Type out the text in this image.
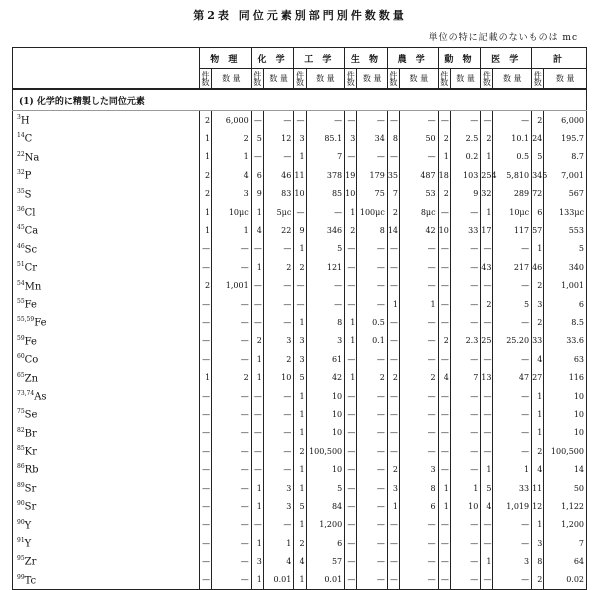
第2表 同位元素別部門別件数数量
単位の特に記載のないものは mc
	物 理		化 学		工 学		生 物		農 学		動 物		医 学		計	
	件数	数 量	件数	数 量	件数	数 量	件数	数 量	件数	数 量	件数	数 量	件数	数 量	件数	数 量
(1) 化学的に精製した同位元素																
$^3$H	2	6,000	—	—	—	—	—	—	—	—	—	—	—	—	2	6,000
$^{14}$C	1	2	5	12	3	85.1	3	34	8	50	2	2.5	2	10.1	24	195.7
$^{22}$Na	1	1	—	—	1	7	—	—	—	—	1	0.2	1	0.5	5	8.7
$^{32}$P	2	4	6	46	11	378	19	179	35	487	18	103	254	5,810	345	7,001
$^{35}$S	2	3	9	83	10	85	10	75	7	53	2	9	32	289	72	567
$^{36}$Cl	1	10μc	1	5μc	—	—	1	100μc	2	8μc	—	—	1	10μc	6	133μc
$^{45}$Ca	1	1	4	22	9	346	2	8	14	42	10	33	17	117	57	553
$^{46}$Sc	—	—	—	—	1	5	—	—	—	—	—	—	—	—	1	5
$^{51}$Cr	—	—	1	2	2	121	—	—	—	—	—	—	43	217	46	340
$^{54}$Mn	2	1,001	—	—	—	—	—	—	—	—	—	—	—	—	2	1,001
$^{55}$Fe	—	—	—	—	—	—	—	—	1	1	—	—	2	5	3	6
$^{55,59}$Fe	—	—	—	—	1	8	1	0.5	—	—	—	—	—	—	2	8.5
$^{59}$Fe	—	—	2	3	3	3	1	0.1	—	—	2	2.3	25	25.20	33	33.6
$^{60}$Co	—	—	1	2	3	61	—	—	—	—	—	—	—	—	4	63
$^{65}$Zn	1	2	1	10	5	42	1	2	2	2	4	7	13	47	27	116
$^{73,74}$As	—	—	—	—	1	10	—	—	—	—	—	—	—	—	1	10
$^{75}$Se	—	—	—	—	1	10	—	—	—	—	—	—	—	—	1	10
$^{82}$Br	—	—	—	—	1	10	—	—	—	—	—	—	—	—	1	10
$^{85}$Kr	—	—	—	—	2	100,500	—	—	—	—	—	—	—	—	2	100,500
$^{86}$Rb	—	—	—	—	1	10	—	—	2	3	—	—	1	1	4	14
$^{89}$Sr	—	—	1	3	1	5	—	—	3	8	1	1	5	33	11	50
$^{90}$Sr	—	—	1	3	5	84	—	—	1	6	1	10	4	1,019	12	1,122
$^{90}$Y	—	—	—	—	1	1,200	—	—	—	—	—	—	—	—	1	1,200
$^{91}$Y	—	—	1	1	2	6	—	—	—	—	—	—	—	—	3	7
$^{95}$Zr	—	—	3	4	4	57	—	—	—	—	—	—	1	3	8	64
$^{99}$Tc	—	—	1	0.01	1	0.01	—	—	—	—	—	—	—	—	2	0.02
